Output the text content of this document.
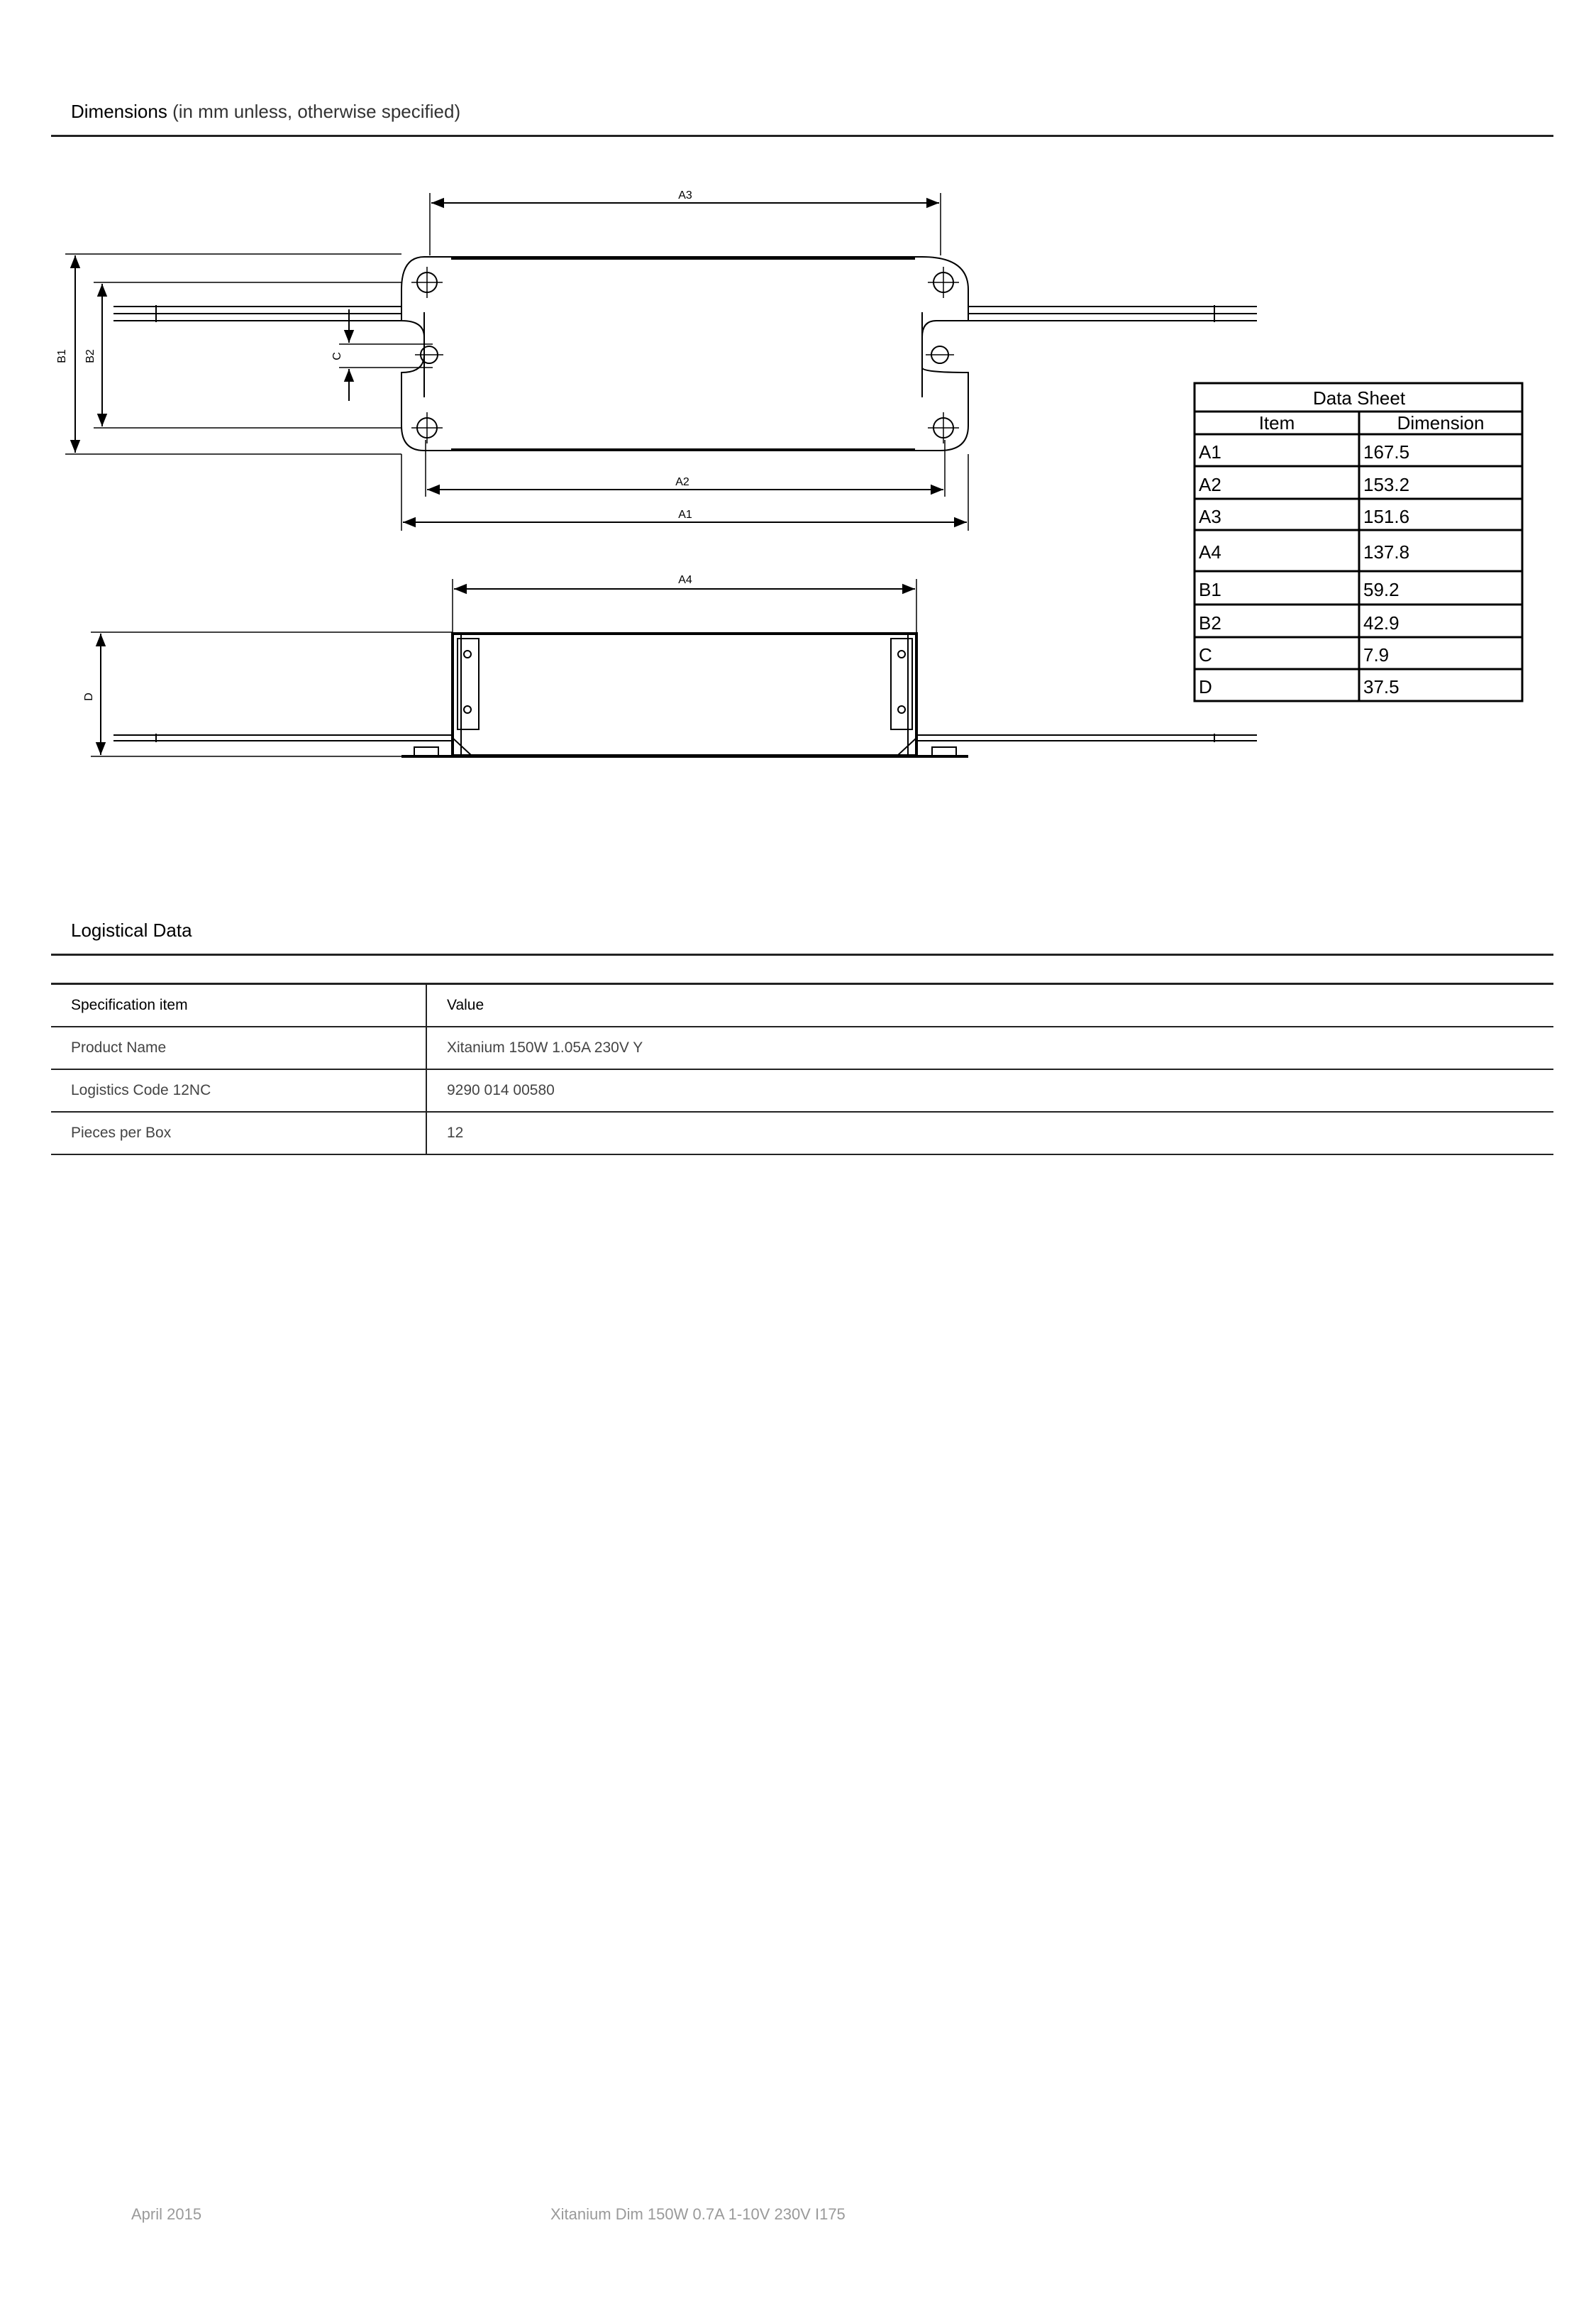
Dimensions (in mm unless, otherwise specified)
A3
A2
A1
A4
B1 B2	C
D
Data Sheet
Item	Dimension
A1	167.5
A2	153.2
A3	151.6
A4	137.8
B1	59.2
B2	42.9
C	7.9
D	37.5
Logistical Data
Specification item	Value
Product Name	Xitanium 150W 1.05A 230V Y
Logistics Code 12NC	9290 014 00580
Pieces per Box	12
April 2015	Xitanium Dim 150W 0.7A 1-10V 230V I175
